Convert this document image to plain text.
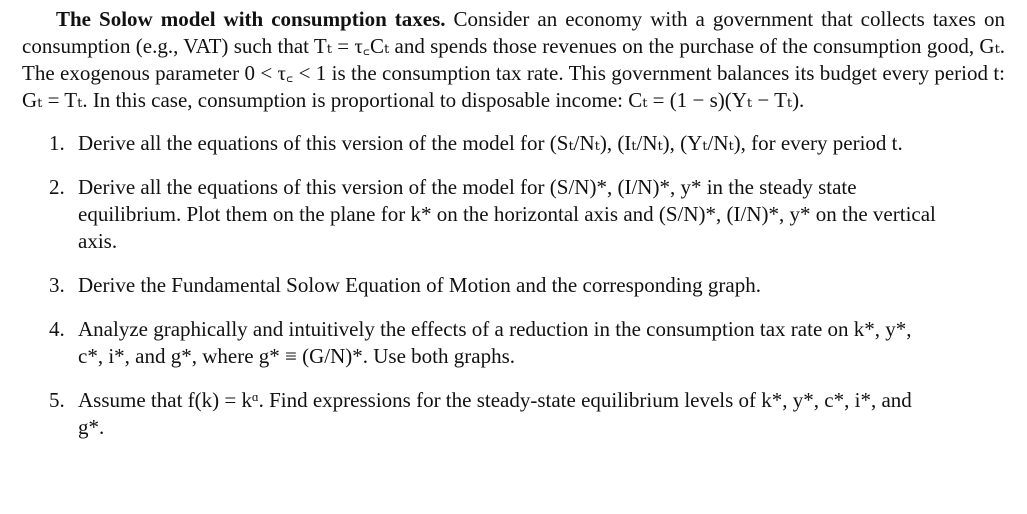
The Solow model with consumption taxes. Consider an economy with a government that collects taxes on consumption (e.g., VAT) such that Tₜ = τ꜀Cₜ and spends those revenues on the purchase of the consumption good, Gₜ. The exogenous parameter 0 < τ꜀ < 1 is the consumption tax rate. This government balances its budget every period t: Gₜ = Tₜ. In this case, consumption is proportional to disposable income: Cₜ = (1 − s)(Yₜ − Tₜ).

1. Derive all the equations of this version of the model for (Sₜ/Nₜ), (Iₜ/Nₜ), (Yₜ/Nₜ), for every period t.
2. Derive all the equations of this version of the model for (S/N)*, (I/N)*, y* in the steady state equilibrium. Plot them on the plane for k* on the horizontal axis and (S/N)*, (I/N)*, y* on the vertical axis.
3. Derive the Fundamental Solow Equation of Motion and the corresponding graph.
4. Analyze graphically and intuitively the effects of a reduction in the consumption tax rate on k*, y*, c*, i*, and g*, where g* ≡ (G/N)*. Use both graphs.
5. Assume that f(k) = kᵅ. Find expressions for the steady-state equilibrium levels of k*, y*, c*, i*, and g*.
